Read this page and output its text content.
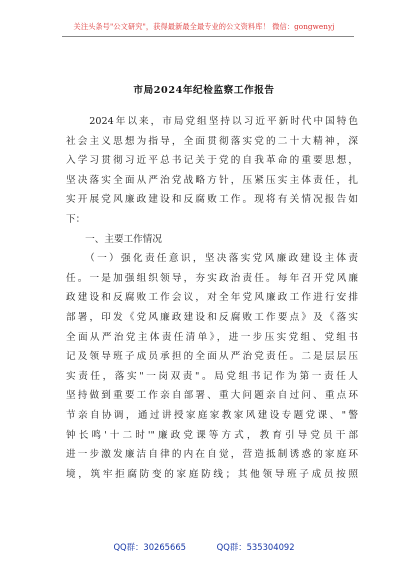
关注头条号"公文研究"，获得最新最全最专业的公文资料库！ 微信：gongwenyj
市局2024年纪检监察工作报告
　　2024年以来，市局党组坚持以习近平新时代中国特色
社会主义思想为指导，全面贯彻落实党的二十大精神，深
入学习贯彻习近平总书记关于党的自我革命的重要思想，
坚决落实全面从严治党战略方针，压紧压实主体责任，扎
实开展党风廉政建设和反腐败工作。现将有关情况报告如
下：
　　一、主要工作情况
　　（一）强化责任意识，坚决落实党风廉政建设主体责
任。一是加强组织领导，夯实政治责任。每年召开党风廉
政建设和反腐败工作会议，对全年党风廉政工作进行安排
部署，印发《党风廉政建设和反腐败工作要点》及《落实
全面从严治党主体责任清单》，进一步压实党组、党组书
记及领导班子成员承担的全面从严治党责任。二是层层压
实责任，落实"一岗双责"。局党组书记作为第一责任人
坚持做到重要工作亲自部署、重大问题亲自过问、重点环
节亲自协调，通过讲授家庭家教家风建设专题党课、"警
钟长鸣'十二时'"廉政党课等方式，教育引导党员干部
进一步激发廉洁自律的内在自觉，营造抵制诱惑的家庭环
境，筑牢拒腐防变的家庭防线；其他领导班子成员按照
QQ群：30265665	QQ群：535304092
